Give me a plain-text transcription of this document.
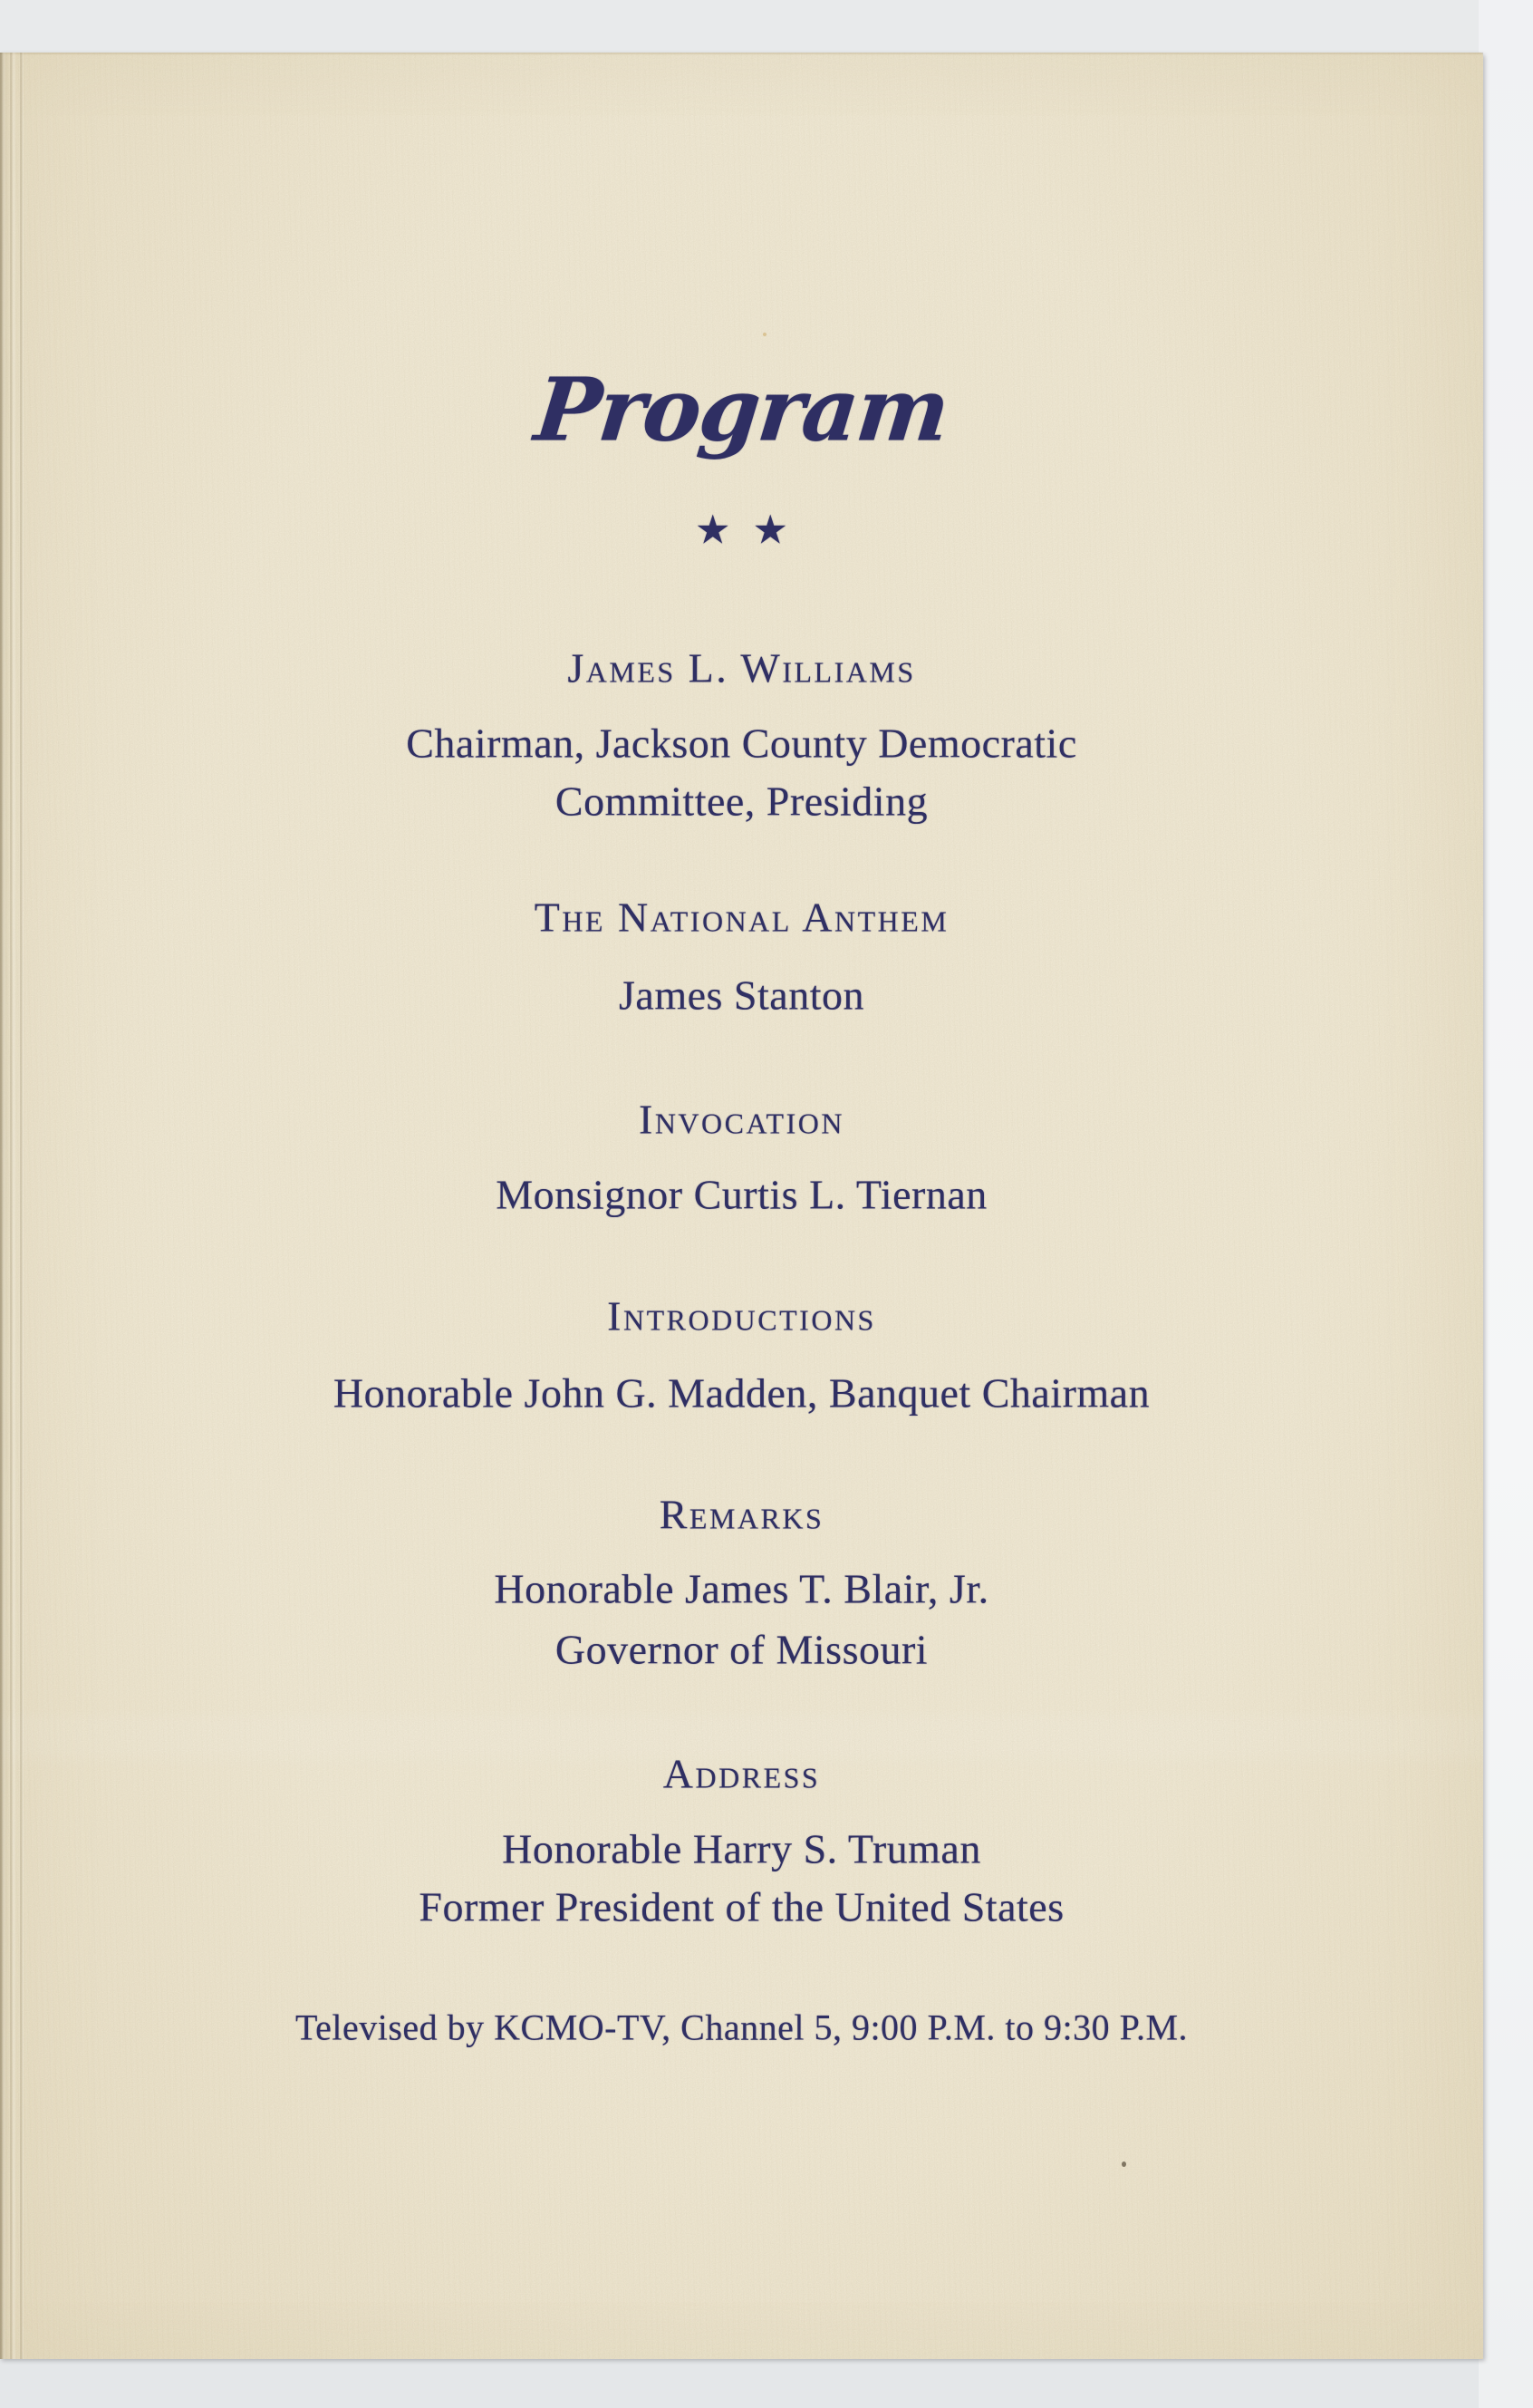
Program
★ ★
James L. Williams
Chairman, Jackson County Democratic
Committee, Presiding
The National Anthem
James Stanton
Invocation
Monsignor Curtis L. Tiernan
Introductions
Honorable John G. Madden, Banquet Chairman
Remarks
Honorable James T. Blair, Jr.
Governor of Missouri
Address
Honorable Harry S. Truman
Former President of the United States
Televised by KCMO-TV, Channel 5, 9:00 P.M. to 9:30 P.M.
